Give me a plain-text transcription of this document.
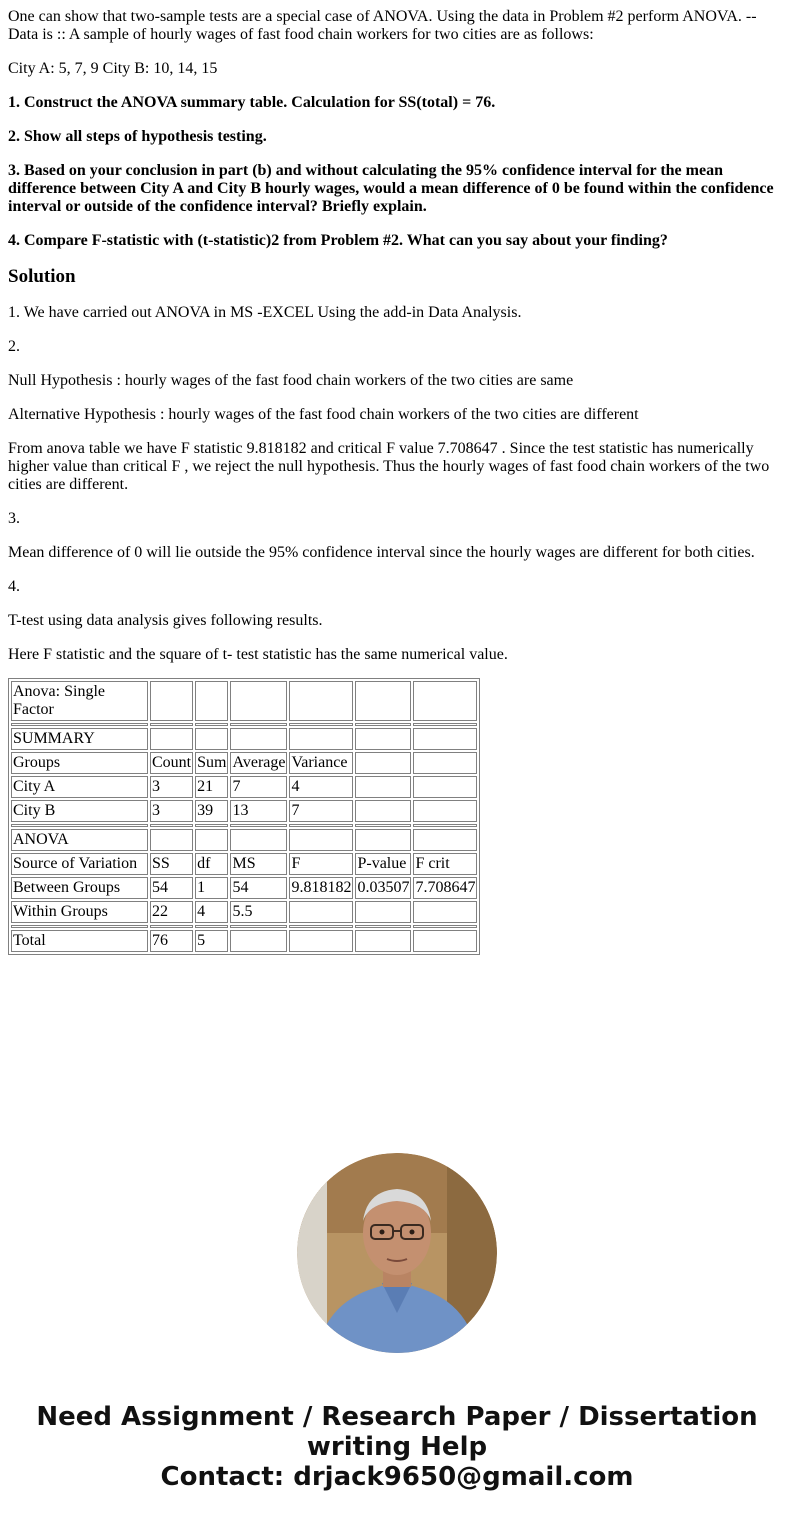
One can show that two-sample tests are a special case of ANOVA. Using the data in Problem #2 perform ANOVA. -- Data is :: A sample of hourly wages of fast food chain workers for two cities are as follows:

City A: 5, 7, 9 City B: 10, 14, 15

1. Construct the ANOVA summary table. Calculation for SS(total) = 76.

2. Show all steps of hypothesis testing.

3. Based on your conclusion in part (b) and without calculating the 95% confidence interval for the mean difference between City A and City B hourly wages, would a mean difference of 0 be found within the confidence interval or outside of the confidence interval? Briefly explain.

4. Compare F-statistic with (t-statistic)2 from Problem #2. What can you say about your finding?

Solution

1. We have carried out ANOVA in MS -EXCEL Using the add-in Data Analysis.

2.

Null Hypothesis : hourly wages of the fast food chain workers of the two cities are same

Alternative Hypothesis : hourly wages of the fast food chain workers of the two cities are different

From anova table we have F statistic 9.818182 and critical F value 7.708647 . Since the test statistic has numerically higher value than critical F , we reject the null hypothesis. Thus the hourly wages of fast food chain workers of the two cities are different.

3.

Mean difference of 0 will lie outside the 95% confidence interval since the hourly wages are different for both cities.

4.

T-test using data analysis gives following results.

Here F statistic and the square of t- test statistic has the same numerical value.

Anova: Single Factor						

SUMMARY						
Groups	Count	Sum	Average	Variance		
City A	3	21	7	4		
City B	3	39	13	7		

ANOVA						
Source of Variation	SS	df	MS	F	P-value	F crit
Between Groups	54	1	54	9.818182	0.03507	7.708647
Within Groups	22	4	5.5			

Total	76	5				
Need Assignment / Research Paper / Dissertation
writing Help
Contact: drjack9650@gmail.com
